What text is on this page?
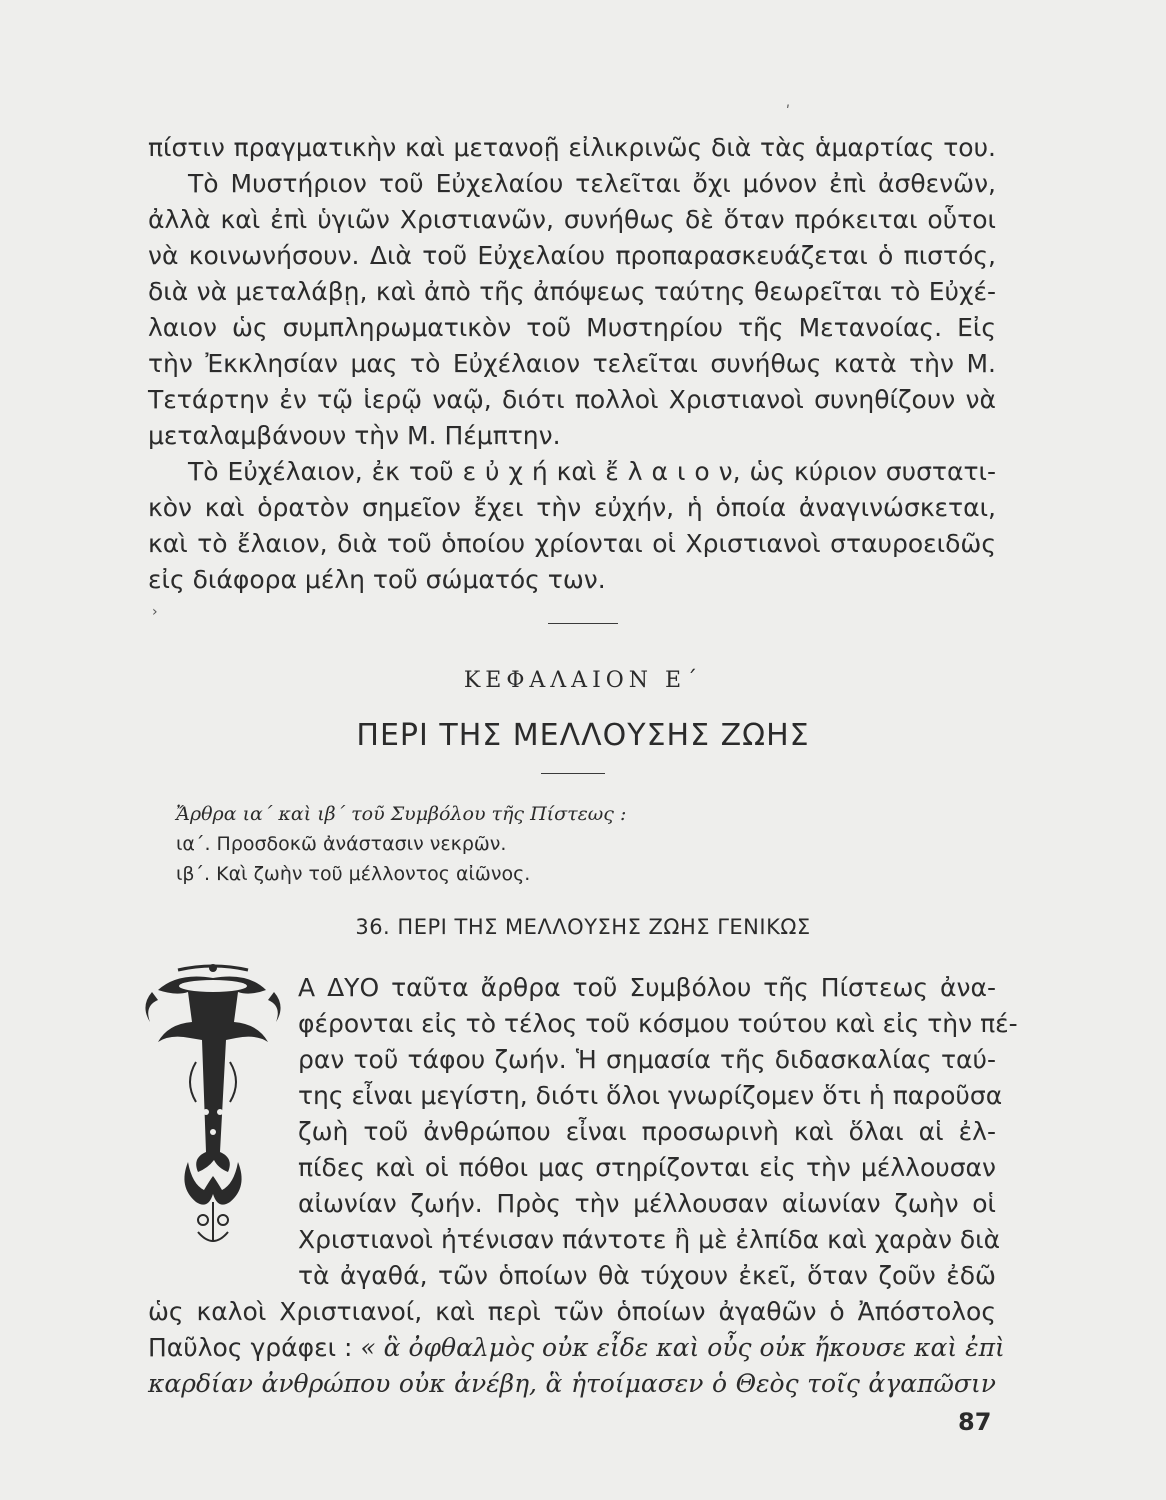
ʹ
›
πίστιν πραγματικὴν καὶ μετανοῇ εἰλικρινῶς διὰ τὰς ἁμαρτίας του.
Τὸ Μυστήριον τοῦ Εὐχελαίου τελεῖται ὄχι μόνον ἐπὶ ἀσθενῶν,
ἀλλὰ καὶ ἐπὶ ὑγιῶν Χριστιανῶν, συνήθως δὲ ὅταν πρόκειται οὗτοι
νὰ κοινωνήσουν. Διὰ τοῦ Εὐχελαίου προπαρασκευάζεται ὁ πιστός,
διὰ νὰ μεταλάβῃ, καὶ ἀπὸ τῆς ἀπόψεως ταύτης θεωρεῖται τὸ Εὐχέ-
λαιον ὡς συμπληρωματικὸν τοῦ Μυστηρίου τῆς Μετανοίας. Εἰς
τὴν Ἐκκλησίαν μας τὸ Εὐχέλαιον τελεῖται συνήθως κατὰ τὴν Μ.
Τετάρτην ἐν τῷ ἱερῷ ναῷ, διότι πολλοὶ Χριστιανοὶ συνηθίζουν νὰ
μεταλαμβάνουν τὴν Μ. Πέμπτην.
Τὸ Εὐχέλαιον, ἐκ τοῦ ε ὐ χ ή καὶ ἔ λ α ι ο ν, ὡς κύριον συστατι-
κὸν καὶ ὁρατὸν σημεῖον ἔχει τὴν εὐχήν, ἡ ὁποία ἀναγινώσκεται,
καὶ τὸ ἔλαιον, διὰ τοῦ ὁποίου χρίονται οἱ Χριστιανοὶ σταυροειδῶς
εἰς διάφορα μέλη τοῦ σώματός των.
ΚΕΦΑΛΑΙΟΝ Ε΄
ΠΕΡΙ ΤΗΣ ΜΕΛΛΟΥΣΗΣ ΖΩΗΣ
Ἄρθρα ια΄ καὶ ιβ΄ τοῦ Συμβόλου τῆς Πίστεως :
ια΄. Προσδοκῶ ἀνάστασιν νεκρῶν.
ιβ΄. Καὶ ζωὴν τοῦ μέλλοντος αἰῶνος.
36. ΠΕΡΙ ΤΗΣ ΜΕΛΛΟΥΣΗΣ ΖΩΗΣ ΓΕΝΙΚΩΣ
Α ΔΥΟ ταῦτα ἄρθρα τοῦ Συμβόλου τῆς Πίστεως ἀνα-
φέρονται εἰς τὸ τέλος τοῦ κόσμου τούτου καὶ εἰς τὴν πέ-
ραν τοῦ τάφου ζωήν. Ἡ σημασία τῆς διδασκαλίας ταύ-
της εἶναι μεγίστη, διότι ὅλοι γνωρίζομεν ὅτι ἡ παροῦσα
ζωὴ τοῦ ἀνθρώπου εἶναι προσωρινὴ καὶ ὅλαι αἱ ἐλ-
πίδες καὶ οἱ πόθοι μας στηρίζονται εἰς τὴν μέλλουσαν
αἰωνίαν ζωήν. Πρὸς τὴν μέλλουσαν αἰωνίαν ζωὴν οἱ
Χριστιανοὶ ἠτένισαν πάντοτε ἢ μὲ ἐλπίδα καὶ χαρὰν διὰ
τὰ ἀγαθά, τῶν ὁποίων θὰ τύχουν ἐκεῖ, ὅταν ζοῦν ἐδῶ
ὡς καλοὶ Χριστιανοί, καὶ περὶ τῶν ὁποίων ἀγαθῶν ὁ Ἀπόστολος
Παῦλος γράφει : « ἃ ὀφθαλμὸς οὐκ εἶδε καὶ οὖς οὐκ ἤκουσε καὶ ἐπὶ
καρδίαν ἀνθρώπου οὐκ ἀνέβη, ἃ ἡτοίμασεν ὁ Θεὸς τοῖς ἀγαπῶσιν
87
